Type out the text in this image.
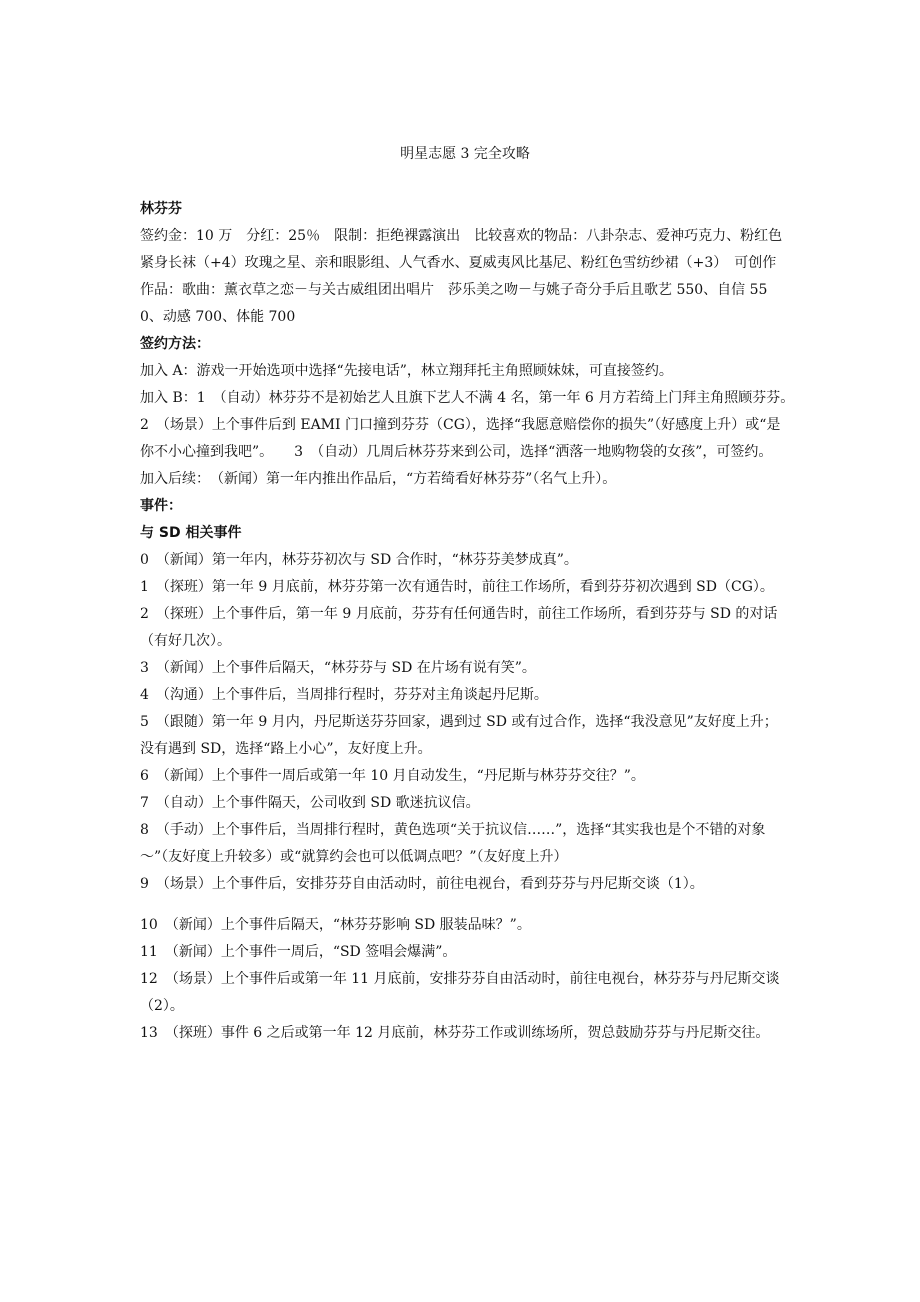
明星志愿 3 完全攻略
林芬芬

签约金：10 万　分红：25％　限制：拒绝裸露演出　比较喜欢的物品：八卦杂志、爱神巧克力、粉红色紧身长袜（+4）玫瑰之星、亲和眼影组、人气香水、夏威夷风比基尼、粉红色雪纺纱裙（+3）　可创作作品：歌曲：薰衣草之恋－与关古威组团出唱片　莎乐美之吻－与姚子奇分手后且歌艺 550、自信 550、动感 700、体能 700

签约方法：

加入 A：游戏一开始选项中选择“先接电话”，林立翔拜托主角照顾妹妹，可直接签约。

加入 B：1　（自动）林芬芬不是初始艺人且旗下艺人不满 4 名，第一年 6 月方若绮上门拜主角照顾芬芬。　2　（场景）上个事件后到 EAMI 门口撞到芬芬（CG），选择“我愿意赔偿你的损失”（好感度上升）或“是你不小心撞到我吧”。　　3　（自动）几周后林芬芬来到公司，选择“洒落一地购物袋的女孩”，可签约。　加入后续：　（新闻）第一年内推出作品后，“方若绮看好林芬芬”（名气上升）。

事件：
与 SD 相关事件

0　（新闻）第一年内，林芬芬初次与 SD 合作时，“林芬芬美梦成真”。

1　（探班）第一年 9 月底前，林芬芬第一次有通告时，前往工作场所，看到芬芬初次遇到 SD（CG）。

2　（探班）上个事件后，第一年 9 月底前，芬芬有任何通告时，前往工作场所，看到芬芬与 SD 的对话（有好几次）。

3　（新闻）上个事件后隔天，“林芬芬与 SD 在片场有说有笑”。

4　（沟通）上个事件后，当周排行程时，芬芬对主角谈起丹尼斯。

5　（跟随）第一年 9 月内，丹尼斯送芬芬回家，遇到过 SD 或有过合作，选择“我没意见”友好度上升；没有遇到 SD，选择“路上小心”，友好度上升。

6　（新闻）上个事件一周后或第一年 10 月自动发生，“丹尼斯与林芬芬交往？”。

7　（自动）上个事件隔天，公司收到 SD 歌迷抗议信。

8　（手动）上个事件后，当周排行程时，黄色选项“关于抗议信……”，选择“其实我也是个不错的对象～”（友好度上升较多）或“就算约会也可以低调点吧？”（友好度上升）

9　（场景）上个事件后，安排芬芬自由活动时，前往电视台，看到芬芬与丹尼斯交谈（1）。

10　（新闻）上个事件后隔天，“林芬芬影响 SD 服装品味？”。

11　（新闻）上个事件一周后，“SD 签唱会爆满”。

12　（场景）上个事件后或第一年 11 月底前，安排芬芬自由活动时，前往电视台，林芬芬与丹尼斯交谈（2）。

13　（探班）事件 6 之后或第一年 12 月底前，林芬芬工作或训练场所，贺总鼓励芬芬与丹尼斯交往。
